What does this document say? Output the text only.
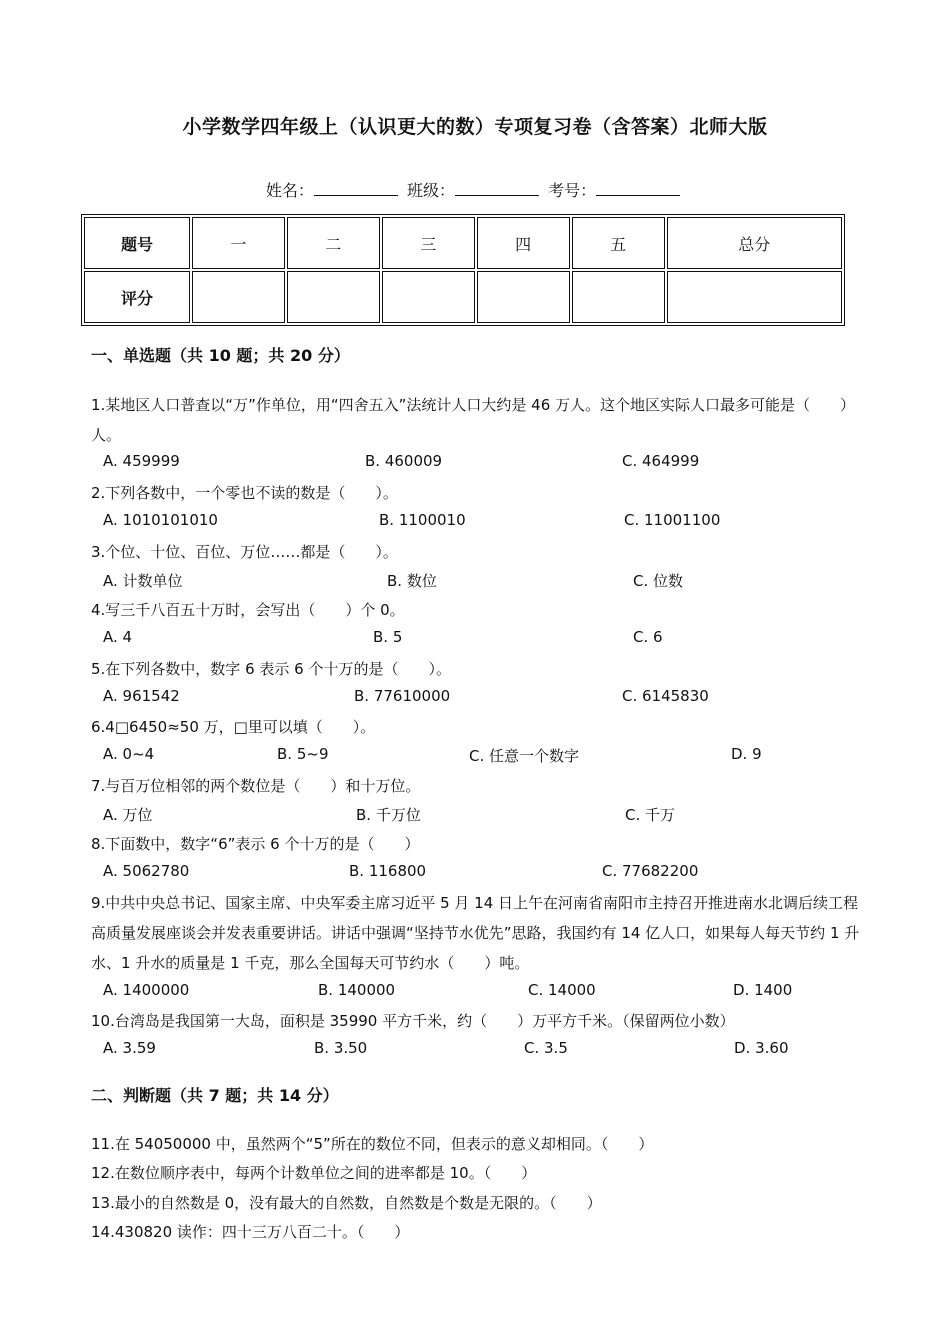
小学数学四年级上（认识更大的数）专项复习卷（含答案）北师大版
姓名：	班级：	考号：
题号	一	二	三	四	五	总分
评分						
一、单选题（共 10 题；共 20 分）
1.某地区人口普查以“万”作单位，用“四舍五入”法统计人口大约是 46 万人。这个地区实际人口最多可能是（　　）人。
A. 459999	B. 460009	C. 464999
2.下列各数中，一个零也不读的数是（　　）。
A. 1010101010	B. 1100010	C. 11001100
3.个位、十位、百位、万位……都是（　　）。
A. 计数单位	B. 数位	C. 位数
4.写三千八百五十万时，会写出（　　）个 0。
A. 4	B. 5	C. 6
5.在下列各数中，数字 6 表示 6 个十万的是（　　）。
A. 961542	B. 77610000	C. 6145830
6.4□6450≈50 万，□里可以填（　　）。
A. 0~4	B. 5~9	C. 任意一个数字	D. 9
7.与百万位相邻的两个数位是（　　）和十万位。
A. 万位	B. 千万位	C. 千万
8.下面数中，数字“6”表示 6 个十万的是（　　）
A. 5062780	B. 116800	C. 77682200
9.中共中央总书记、国家主席、中央军委主席习近平 5 月 14 日上午在河南省南阳市主持召开推进南水北调后续工程高质量发展座谈会并发表重要讲话。讲话中强调“坚持节水优先”思路，我国约有 14 亿人口，如果每人每天节约 1 升水、1 升水的质量是 1 千克，那么全国每天可节约水（　　）吨。
A. 1400000	B. 140000	C. 14000	D. 1400
10.台湾岛是我国第一大岛，面积是 35990 平方千米，约（　　）万平方千米。（保留两位小数）
A. 3.59	B. 3.50	C. 3.5	D. 3.60
二、判断题（共 7 题；共 14 分）
11.在 54050000 中，虽然两个“5”所在的数位不同，但表示的意义却相同。（　　）
12.在数位顺序表中，每两个计数单位之间的进率都是 10。（　　）
13.最小的自然数是 0，没有最大的自然数，自然数是个数是无限的。（　　）
14.430820 读作：四十三万八百二十。（　　）
